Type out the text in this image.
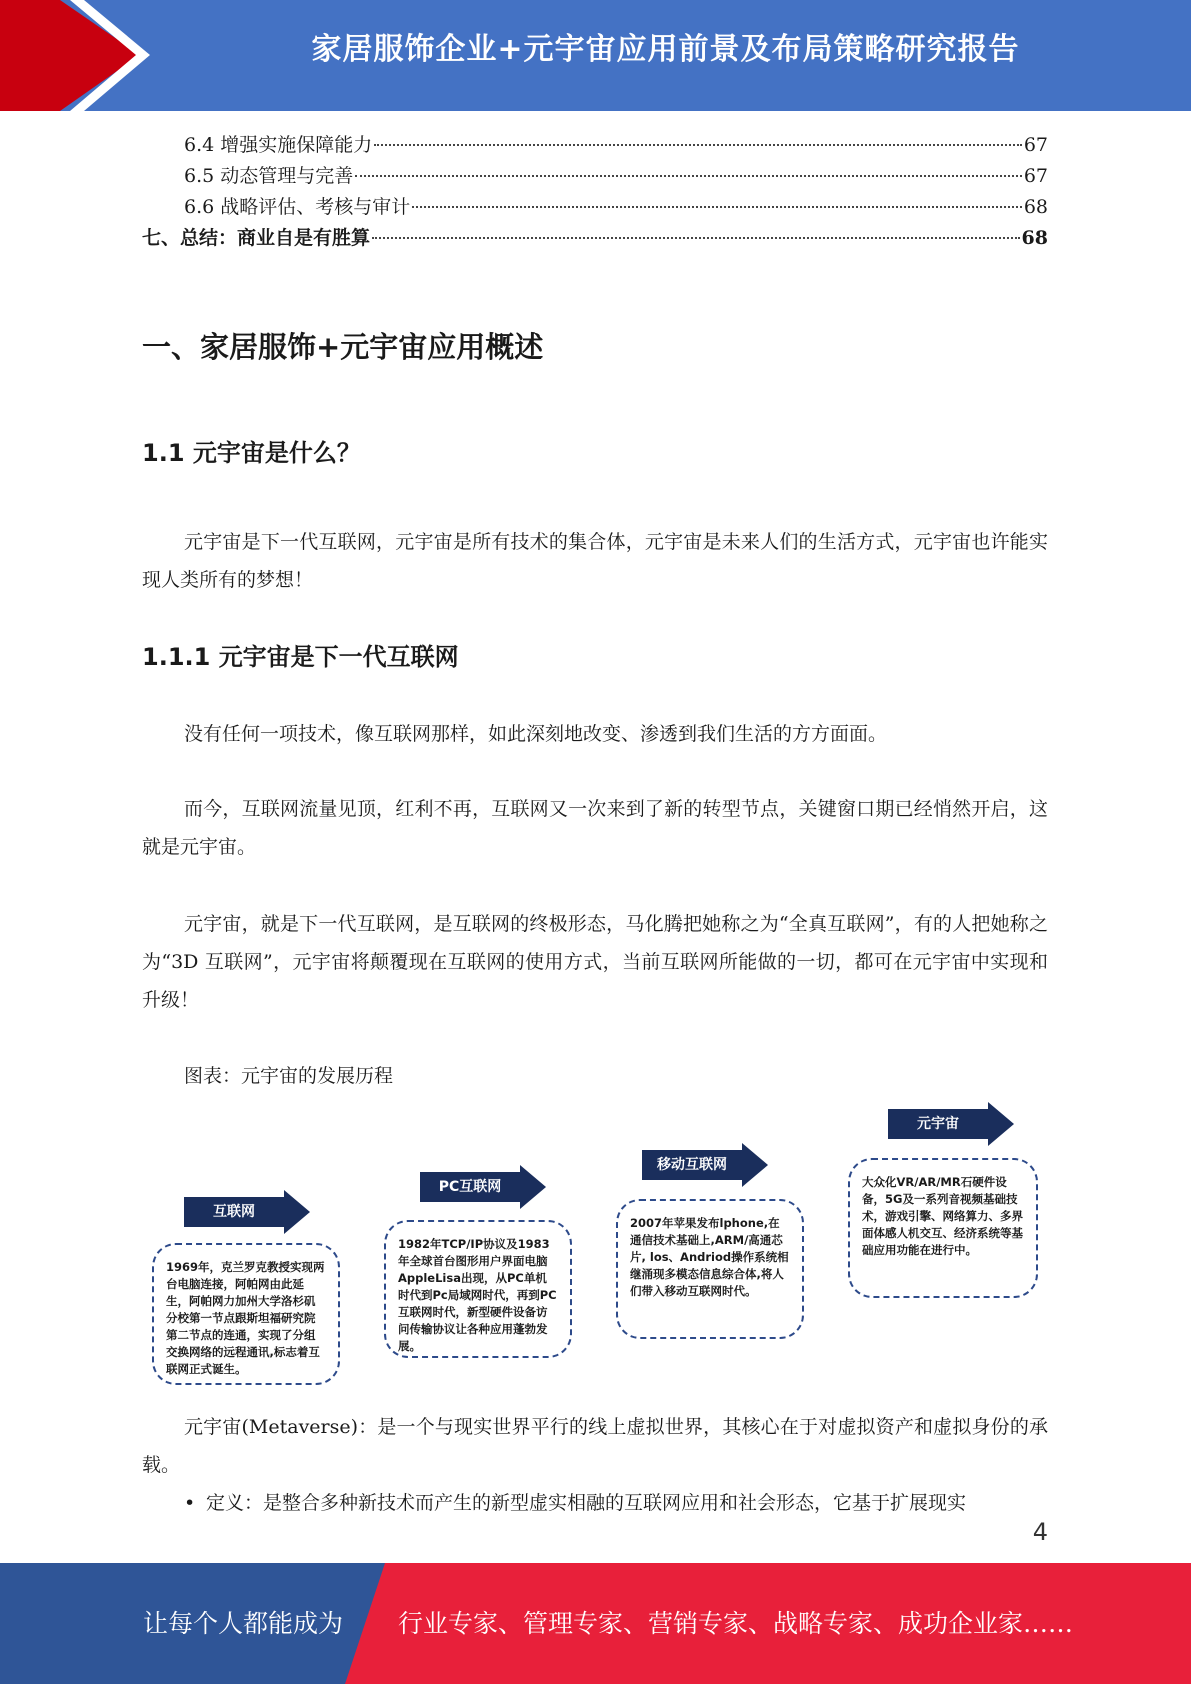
家居服饰企业+元宇宙应用前景及布局策略研究报告
6.4 增强实施保障能力	67
6.5 动态管理与完善	67
6.6 战略评估、考核与审计	68
七、总结：商业自是有胜算	68
一、家居服饰+元宇宙应用概述
1.1 元宇宙是什么？
1.1.1 元宇宙是下一代互联网
元宇宙是下一代互联网，元宇宙是所有技术的集合体，元宇宙是未来人们的生活方式，元宇宙也许能实现人类所有的梦想！
没有任何一项技术，像互联网那样，如此深刻地改变、渗透到我们生活的方方面面。
而今，互联网流量见顶，红利不再，互联网又一次来到了新的转型节点，关键窗口期已经悄然开启，这就是元宇宙。
元宇宙，就是下一代互联网，是互联网的终极形态，马化腾把她称之为“全真互联网”，有的人把她称之为“3D 互联网”，元宇宙将颠覆现在互联网的使用方式，当前互联网所能做的一切，都可在元宇宙中实现和升级！
图表：元宇宙的发展历程
互联网
1969年，克兰罗克教授实现两台电脑连接，阿帕网由此延生，阿帕网力加州大学洛杉矶分校第一节点跟斯坦福研究院第二节点的连通，实现了分组交换网络的远程通讯,标志着互联网正式诞生。
PC互联网
1982年TCP/IP协议及1983年全球首台图形用户界面电脑AppleLisa出现，从PC单机时代到Pc局域网时代，再到PC互联网时代，新型硬件设备访问传输协议让各种应用蓬勃发展。
移动互联网
2007年苹果发布lphone,在通信技术基础上,ARM/高通芯片, los、Andriod操作系统相继涌现多模态信息综合体,将人们带入移动互联网时代。
元宇宙
大众化VR/AR/MR石硬件设备，5G及一系列音视频基础技术，游戏引擎、网络算力、多界面体感人机交互、经济系统等基础应用功能在进行中。
元宇宙(Metaverse)：是一个与现实世界平行的线上虚拟世界，其核心在于对虚拟资产和虚拟身份的承载。
• 定义：是整合多种新技术而产生的新型虚实相融的互联网应用和社会形态，它基于扩展现实
4
让每个人都能成为 行业专家、管理专家、营销专家、战略专家、成功企业家……
